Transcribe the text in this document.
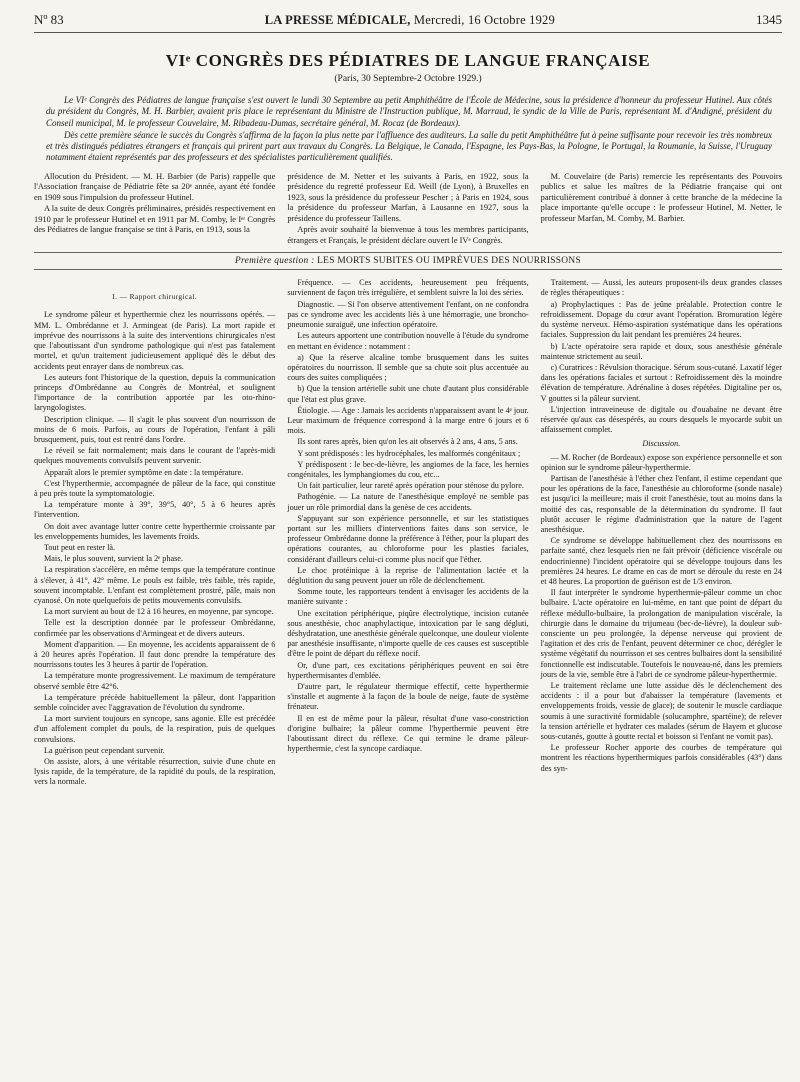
Nº 83	LA PRESSE MÉDICALE, Mercredi, 16 Octobre 1929	1345
VIᵉ CONGRÈS DES PÉDIATRES DE LANGUE FRANÇAISE
(Paris, 30 Septembre-2 Octobre 1929.)

Le VIᵉ Congrès des Pédiatres de langue française s'est ouvert le lundi 30 Septembre au petit Amphithéâtre de l'École de Médecine, sous la présidence d'honneur du professeur Hutinel. Aux côtés du président du Congrès, M. H. Barbier, avaient pris place le représentant du Ministre de l'Instruction publique, M. Marraud, le syndic de la Ville de Paris, représentant M. d'Andigné, président du Conseil municipal, M. le professeur Couvelaire, M. Ribadeau-Dumas, secrétaire général, M. Rocaz (de Bordeaux).

Dès cette première séance le succès du Congrès s'affirma de la façon la plus nette par l'affluence des auditeurs. La salle du petit Amphithéâtre fut à peine suffisante pour recevoir les très nombreux et très distingués pédiatres étrangers et français qui prirent part aux travaux du Congrès. La Belgique, le Canada, l'Espagne, les Pays-Bas, la Pologne, le Portugal, la Roumanie, la Suisse, l'Uruguay notamment étaient représentés par des professeurs et des spécialistes particulièrement qualifiés.

Allocution du Président. — M. H. Barbier (de Paris) rappelle que l'Association française de Pédiatrie fête sa 20ᵉ année, ayant été fondée en 1909 sous l'impulsion du professeur Hutinel.

A la suite de deux Congrès préliminaires, présidés respectivement en 1910 par le professeur Hutinel et en 1911 par M. Comby, le Iᵉʳ Congrès des Pédiatres de langue française se tint à Paris, en 1913, sous la

présidence de M. Netter et les suivants à Paris, en 1922, sous la présidence du regretté professeur Ed. Weill (de Lyon), à Bruxelles en 1923, sous la présidence du professeur Pescher ; à Paris en 1924, sous la présidence du professeur Marfan, à Lausanne en 1927, sous la présidence du professeur Taillens.

Après avoir souhaité la bienvenue à tous les membres participants, étrangers et Français, le président déclare ouvert le IVᵉ Congrès.

M. Couvelaire (de Paris) remercie les représentants des Pouvoirs publics et salue les maîtres de la Pédiatrie française qui ont particulièrement contribué à donner à cette branche de la médecine la place importante qu'elle occupe : le professeur Hutinel, M. Netter, le professeur Marfan, M. Comby, M. Barbier.

Première question : LES MORTS SUBITES OU IMPRÉVUES DES NOURRISSONS
I. — Rapport chirurgical.

Le syndrome pâleur et hyperthermie chez les nourrissons opérés. — MM. L. Ombrédanne et J. Armingeat (de Paris). La mort rapide et imprévue des nourrissons à la suite des interventions chirurgicales n'est que l'aboutissant d'un syndrome pathologique qui n'est pas fatalement mortel, et qu'un traitement judicieusement appliqué dès le début des accidents peut enrayer dans de nombreux cas.

Les auteurs font l'historique de la question, depuis la communication princeps d'Ombrédanne au Congrès de Montréal, et soulignent l'importance de la contribution apportée par les oto-rhino-laryngologistes.

Description clinique. — Il s'agit le plus souvent d'un nourrisson de moins de 6 mois. Parfois, au cours de l'opération, l'enfant à pâli brusquement, puis, tout est rentré dans l'ordre.

Le réveil se fait normalement; mais dans le courant de l'après-midi quelques mouvements convulsifs peuvent survenir.

Apparaît alors le premier symptôme en date : la température.

C'est l'hyperthermie, accompagnée de pâleur de la face, qui constitue à peu près toute la symptomatologie.

La température monte à 39°, 39°5, 40°, 5 à 6 heures après l'intervention.

On doit avec avantage lutter contre cette hyperthermie croissante par les enveloppements humides, les lavements froids.

Tout peut en rester là.

Mais, le plus souvent, survient la 2ᵉ phase.

La respiration s'accélère, en même temps que la température continue à s'élever, à 41°, 42° même. Le pouls est faible, très faible, très rapide, souvent incomptable. L'enfant est complètement prostré, pâle, mais non cyanosé. On note quelquefois de petits mouvements convulsifs.

La mort survient au bout de 12 à 16 heures, en moyenne, par syncope.

Telle est la description donnée par le professeur Ombrédanne, confirmée par les observations d'Armingeat et de divers auteurs.

Moment d'apparition. — En moyenne, les accidents apparaissent de 6 à 20 heures après l'opération. Il faut donc prendre la température des nourrissons toutes les 3 heures à partir de l'opération.

La température monte progressivement. Le maximum de température observé semble être 42°6.

La température précède habituellement la pâleur, dont l'apparition semble coïncider avec l'aggravation de l'évolution du syndrome.

La mort survient toujours en syncope, sans agonie. Elle est précédée d'un affolement complet du pouls, de la respiration, puis de quelques convulsions.

La guérison peut cependant survenir.

On assiste, alors, à une véritable résurrection, suivie d'une chute en lysis rapide, de la température, de la rapidité du pouls, de la respiration, vers la normale.

Fréquence. — Ces accidents, heureusement peu fréquents, surviennent de façon très irrégulière, et semblent suivre la loi des séries.

Diagnostic. — Si l'on observe attentivement l'enfant, on ne confondra pas ce syndrome avec les accidents liés à une hémorragie, une broncho-pneumonie suraiguë, une infection opératoire.

Les auteurs apportent une contribution nouvelle à l'étude du syndrome en mettant en évidence : notamment :

a) Que la réserve alcaline tombe brusquement dans les suites opératoires du nourrisson. Il semble que sa chute soit plus accentuée au cours des suites compliquées ;

b) Que la tension artérielle subit une chute d'autant plus considérable que l'état est plus grave.

Étiologie. — Age : Jamais les accidents n'apparaissent avant le 4ᵉ jour. Leur maximum de fréquence correspond à la marge entre 6 jours et 6 mois.

Ils sont rares après, bien qu'on les ait observés à 2 ans, 4 ans, 5 ans.

Y sont prédisposés : les hydrocéphales, les malformés congénitaux ;

Y prédisposent : le bec-de-lièvre, les angiomes de la face, les hernies congénitales, les lymphangiomes du cou, etc...

Un fait particulier, leur rareté après opération pour sténose du pylore.

Pathogénie. — La nature de l'anesthésique employé ne semble pas jouer un rôle primordial dans la genèse de ces accidents.

S'appuyant sur son expérience personnelle, et sur les statistiques portant sur les milliers d'interventions faites dans son service, le professeur Ombrédanne donne la préférence à l'éther, pour la plupart des opérations courantes, au chloroforme pour les plasties faciales, considérant d'ailleurs celui-ci comme plus nocif que l'éther.

Le choc protéinique à la reprise de l'alimentation lactée et la déglutition du sang peuvent jouer un rôle de déclenchement.

Somme toute, les rapporteurs tendent à envisager les accidents de la manière suivante :

Une excitation périphérique, piqûre électrolytique, incision cutanée sous anesthésie, choc anaphylactique, intoxication par le sang dégluti, déshydratation, une anesthésie générale quelconque, une douleur violente par anesthésie insuffisante, n'importe quelle de ces causes est susceptible d'être le point de départ du réflexe nocif.

Or, d'une part, ces excitations périphériques peuvent en soi être hyperthermisantes d'emblée.

D'autre part, le régulateur thermique effectif, cette hyperthermie s'installe et augmente à la façon de la boule de neige, faute de système frénateur.

Il en est de même pour la pâleur, résultat d'une vaso-constriction d'origine bulbaire; la pâleur comme l'hyperthermie peuvent être l'aboutissant direct du réflexe. Ce qui termine le drame pâleur-hyperthermie, c'est la syncope cardiaque.

Traitement. — Aussi, les auteurs proposent-ils deux grandes classes de règles thérapeutiques :

a) Prophylactiques : Pas de jeûne préalable. Protection contre le refroidissement. Dopage du cœur avant l'opération. Bromuration légère du système nerveux. Hémo-aspiration systématique dans les opérations faciales. Suppression du lait pendant les premières 24 heures.

b) L'acte opératoire sera rapide et doux, sous anesthésie générale maintenue strictement au seuil.

c) Curatrices : Révulsion thoracique. Sérum sous-cutané. Laxatif léger dans les opérations faciales et surtout : Refroidissement dès la moindre élévation de température. Adrénaline à doses répétées. Digitaline per os, V gouttes si la pâleur survient.

L'injection intraveineuse de digitale ou d'ouabaïne ne devant être réservée qu'aux cas désespérés, au cours desquels le myocarde subit un affaissement complet.

Discussion.

— M. Rocher (de Bordeaux) expose son expérience personnelle et son opinion sur le syndrome pâleur-hyperthermie.

Partisan de l'anesthésie à l'éther chez l'enfant, il estime cependant que pour les opérations de la face, l'anesthésie au chloroforme (sonde nasale) est jusqu'ici la meilleure; mais il croit l'anesthésie, tout au moins dans la moitié des cas, responsable de la détermination du syndrome. Il faut plutôt accuser le régime d'administration que la nature de l'agent anesthésique.

Ce syndrome se développe habituellement chez des nourrissons en parfaite santé, chez lesquels rien ne fait prévoir (déficience viscérale ou endocrinienne) l'incident opératoire qui se développe toujours dans les premières 24 heures. Le drame en cas de mort se déroule du reste en 24 et 48 heures. La proportion de guérison est de 1/3 environ.

Il faut interpréter le syndrome hyperthermie-pâleur comme un choc bulbaire. L'acte opératoire en lui-même, en tant que point de départ du réflexe médullo-bulbaire, la prolongation de manipulation viscérale, la chirurgie dans le domaine du trijumeau (bec-de-lièvre), la douleur sub-consciente un peu prolongée, la dépense nerveuse qui provient de l'agitation et des cris de l'enfant, peuvent déterminer ce choc, dérégler le système végétatif du nourrisson et ses centres bulbaires dont la sensibilité fonctionnelle est indiscutable. Toutefois le nouveau-né, dans les premiers jours de la vie, semble être à l'abri de ce syndrome pâleur-hyperthermie.

Le traitement réclame une lutte assidue dès le déclenchement des accidents : il a pour but d'abaisser la température (lavements et enveloppements froids, vessie de glace); de soutenir le muscle cardiaque soumis à une suractivité formidable (solucamphre, spartéine); de relever la tension artérielle et hydrater ces malades (sérum de Hayem et glucose sous-cutanés, goutte à goutte rectal et boisson si l'enfant ne vomit pas).

Le professeur Rocher apporte des courbes de température qui montrent les réactions hyperthermiques parfois considérables (43°) dans des syn-
